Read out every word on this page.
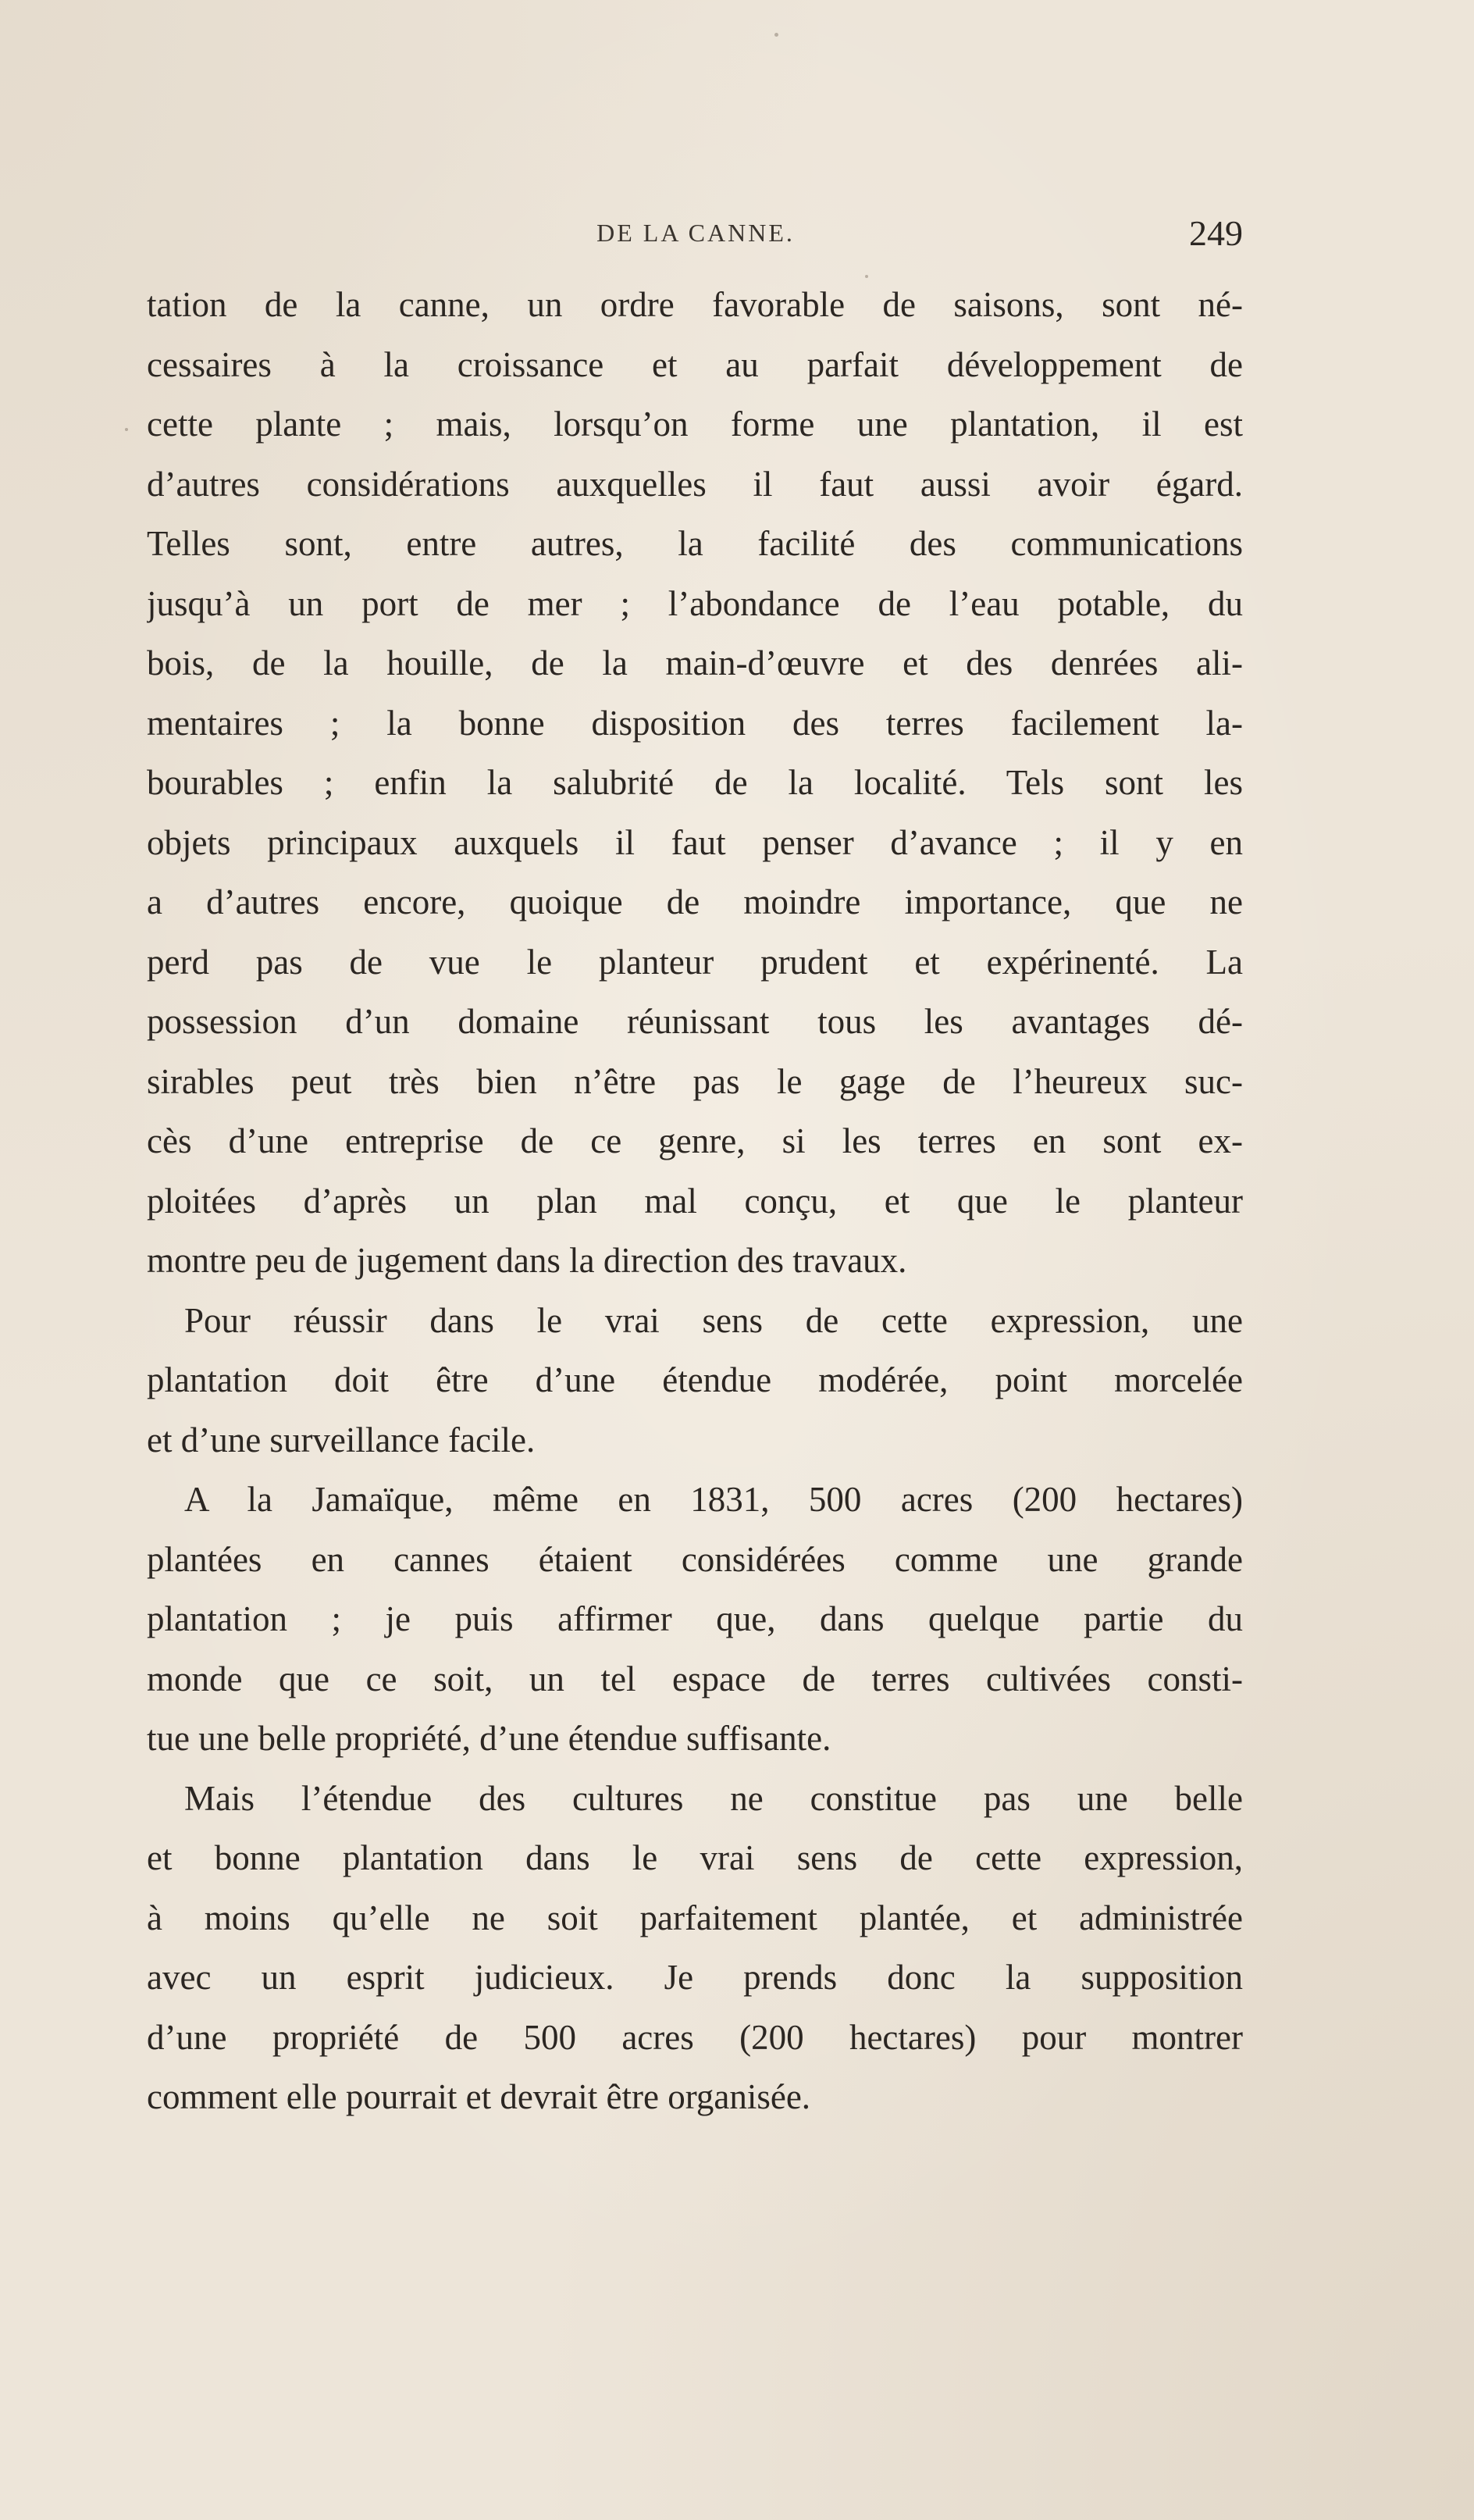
DE LA CANNE.	249
tation de la canne, un ordre favorable de saisons, sont né-
cessaires à la croissance et au parfait développement de
cette plante ; mais, lorsqu’on forme une plantation, il est
d’autres considérations auxquelles il faut aussi avoir égard.
Telles sont, entre autres, la facilité des communications
jusqu’à un port de mer ; l’abondance de l’eau potable, du
bois, de la houille, de la main-d’œuvre et des denrées ali-
mentaires ; la bonne disposition des terres facilement la-
bourables ; enfin la salubrité de la localité. Tels sont les
objets principaux auxquels il faut penser d’avance ; il y en
a d’autres encore, quoique de moindre importance, que ne
perd pas de vue le planteur prudent et expérinenté. La
possession d’un domaine réunissant tous les avantages dé-
sirables peut très bien n’être pas le gage de l’heureux suc-
cès d’une entreprise de ce genre, si les terres en sont ex-
ploitées d’après un plan mal conçu, et que le planteur
montre peu de jugement dans la direction des travaux.
Pour réussir dans le vrai sens de cette expression, une
plantation doit être d’une étendue modérée, point morcelée
et d’une surveillance facile.
A la Jamaïque, même en 1831, 500 acres (200 hectares)
plantées en cannes étaient considérées comme une grande
plantation ; je puis affirmer que, dans quelque partie du
monde que ce soit, un tel espace de terres cultivées consti-
tue une belle propriété, d’une étendue suffisante.
Mais l’étendue des cultures ne constitue pas une belle
et bonne plantation dans le vrai sens de cette expression,
à moins qu’elle ne soit parfaitement plantée, et administrée
avec un esprit judicieux. Je prends donc la supposition
d’une propriété de 500 acres (200 hectares) pour montrer
comment elle pourrait et devrait être organisée.
